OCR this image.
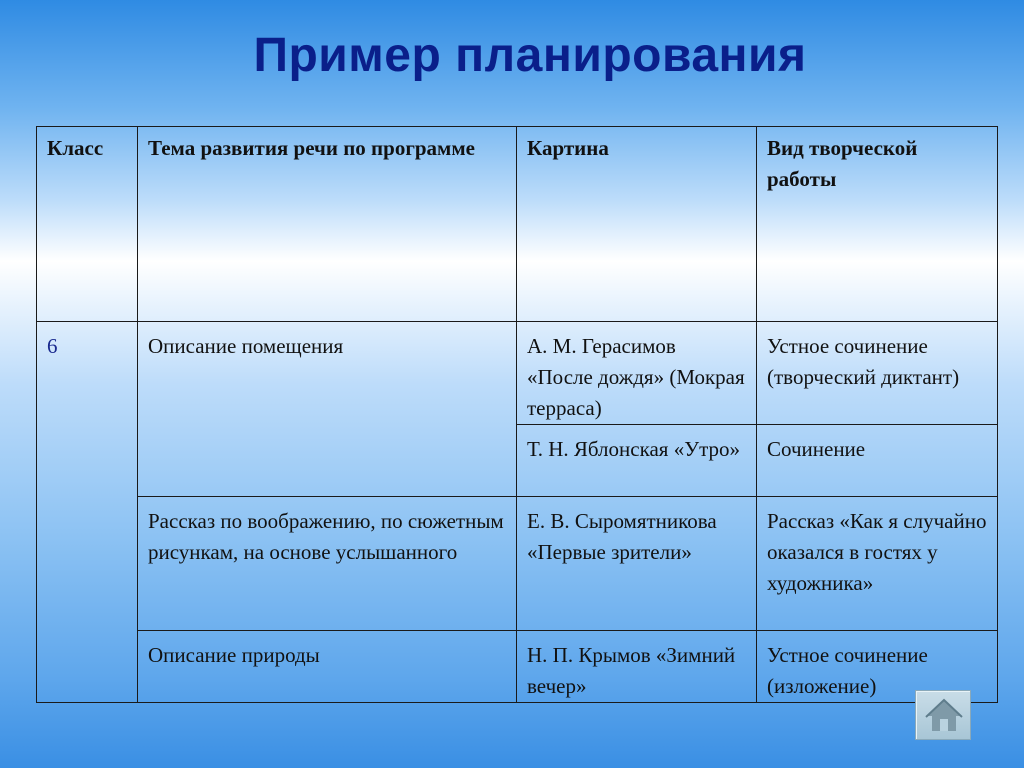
Пример планирования
Класс	Тема развития речи по программе	Картина	Вид творческой работы
6	Описание помещения	А. М. Герасимов «После дождя» (Мокрая терраса)	Устное сочинение (творческий диктант)
		Т. Н. Яблонская «Утро»	Сочинение
	Рассказ по воображению, по сюжетным рисункам, на основе услышанного	Е. В. Сыромятникова «Первые зрители»	Рассказ «Как я случайно оказался в гостях у художника»
	Описание природы	Н. П. Крымов «Зимний вечер»	Устное сочинение (изложение)
